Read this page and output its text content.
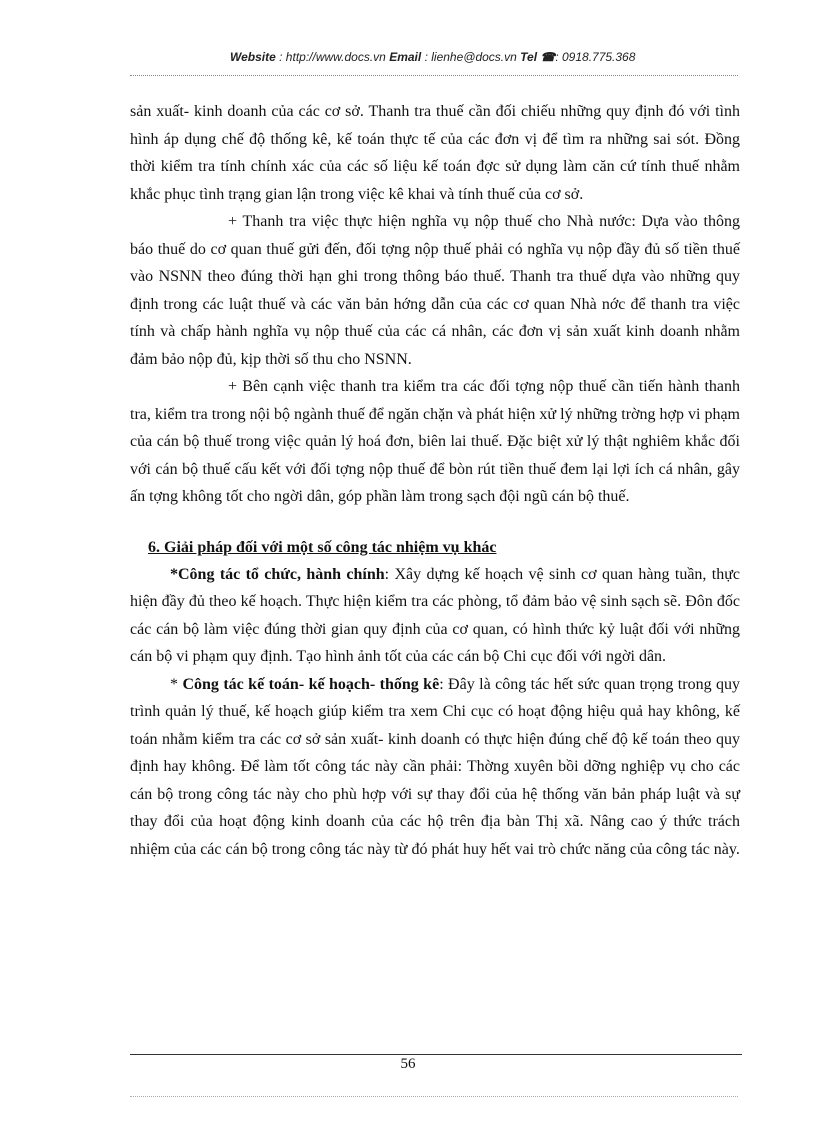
Website : http://www.docs.vn Email : lienhe@docs.vn Tel ☎: 0918.775.368

sản xuất- kinh doanh của các cơ sở. Thanh tra thuế cần đối chiếu những quy định đó với tình hình áp dụng chế độ thống kê, kế toán thực tế của các đơn vị để tìm ra những sai sót. Đồng thời kiểm tra tính chính xác của các số liệu kế toán đợc sử dụng làm căn cứ tính thuế nhằm khắc phục tình trạng gian lận trong việc kê khai và tính thuế của cơ sở.

+ Thanh tra việc thực hiện nghĩa vụ nộp thuế cho Nhà nước: Dựa vào thông báo thuế do cơ quan thuế gửi đến, đối tợng nộp thuế phải có nghĩa vụ nộp đầy đủ số tiền thuế vào NSNN theo đúng thời hạn ghi trong thông báo thuế. Thanh tra thuế dựa vào những quy định trong các luật thuế và các văn bản hớng dẫn của các cơ quan Nhà nớc để thanh tra việc tính và chấp hành nghĩa vụ nộp thuế của các cá nhân, các đơn vị sản xuất kinh doanh nhằm đảm bảo nộp đủ, kịp thời số thu cho NSNN.

+ Bên cạnh việc thanh tra kiểm tra các đối tợng nộp thuế cần tiến hành thanh tra, kiểm tra trong nội bộ ngành thuế để ngăn chặn và phát hiện xử lý những trờng hợp vi phạm của cán bộ thuế trong việc quản lý hoá đơn, biên lai thuế. Đặc biệt xử lý thật nghiêm khắc đối với cán bộ thuế cấu kết với đối tợng nộp thuế để bòn rút tiền thuế đem lại lợi ích cá nhân, gây ấn tợng không tốt cho ngời dân, góp phần làm trong sạch đội ngũ cán bộ thuế.

6. Giải pháp đối với một số công tác nhiệm vụ khác

*Công tác tổ chức, hành chính: Xây dựng kế hoạch vệ sinh cơ quan hàng tuần, thực hiện đầy đủ theo kế hoạch. Thực hiện kiểm tra các phòng, tổ đảm bảo vệ sinh sạch sẽ. Đôn đốc các cán bộ làm việc đúng thời gian quy định của cơ quan, có hình thức kỷ luật đối với những cán bộ vi phạm quy định. Tạo hình ảnh tốt của các cán bộ Chi cục đối với ngời dân.

* Công tác kế toán- kế hoạch- thống kê: Đây là công tác hết sức quan trọng trong quy trình quản lý thuế, kế hoạch giúp kiểm tra xem Chi cục có hoạt động hiệu quả hay không, kế toán nhằm kiểm tra các cơ sở sản xuất- kinh doanh có thực hiện đúng chế độ kế toán theo quy định hay không. Để làm tốt công tác này cần phải: Thờng xuyên bồi dỡng nghiệp vụ cho các cán bộ trong công tác này cho phù hợp với sự thay đổi của hệ thống văn bản pháp luật và sự thay đổi của hoạt động kinh doanh của các hộ trên địa bàn Thị xã. Nâng cao ý thức trách nhiệm của các cán bộ trong công tác này từ đó phát huy hết vai trò chức năng của công tác này.

56
